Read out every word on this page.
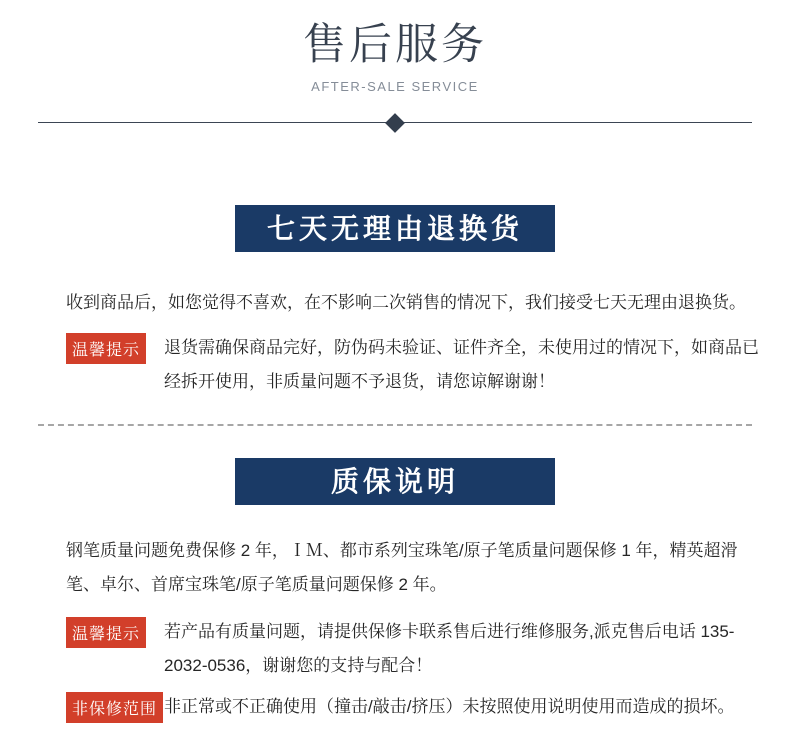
售后服务
AFTER-SALE SERVICE
七天无理由退换货

收到商品后，如您觉得不喜欢，在不影响二次销售的情况下，我们接受七天无理由退换货。

温馨提示	退货需确保商品完好，防伪码未验证、证件齐全，未使用过的情况下，如商品已经拆开使用，非质量问题不予退货，请您谅解谢谢！
质保说明

钢笔质量问题免费保修 2 年，ＩＭ、都市系列宝珠笔/原子笔质量问题保修 1 年，精英超滑笔、卓尔、首席宝珠笔/原子笔质量问题保修 2 年。

温馨提示	若产品有质量问题，请提供保修卡联系售后进行维修服务,派克售后电话 135-2032-0536，谢谢您的支持与配合！
非保修范围 非正常或不正确使用（撞击/敲击/挤压）未按照使用说明使用而造成的损坏。
